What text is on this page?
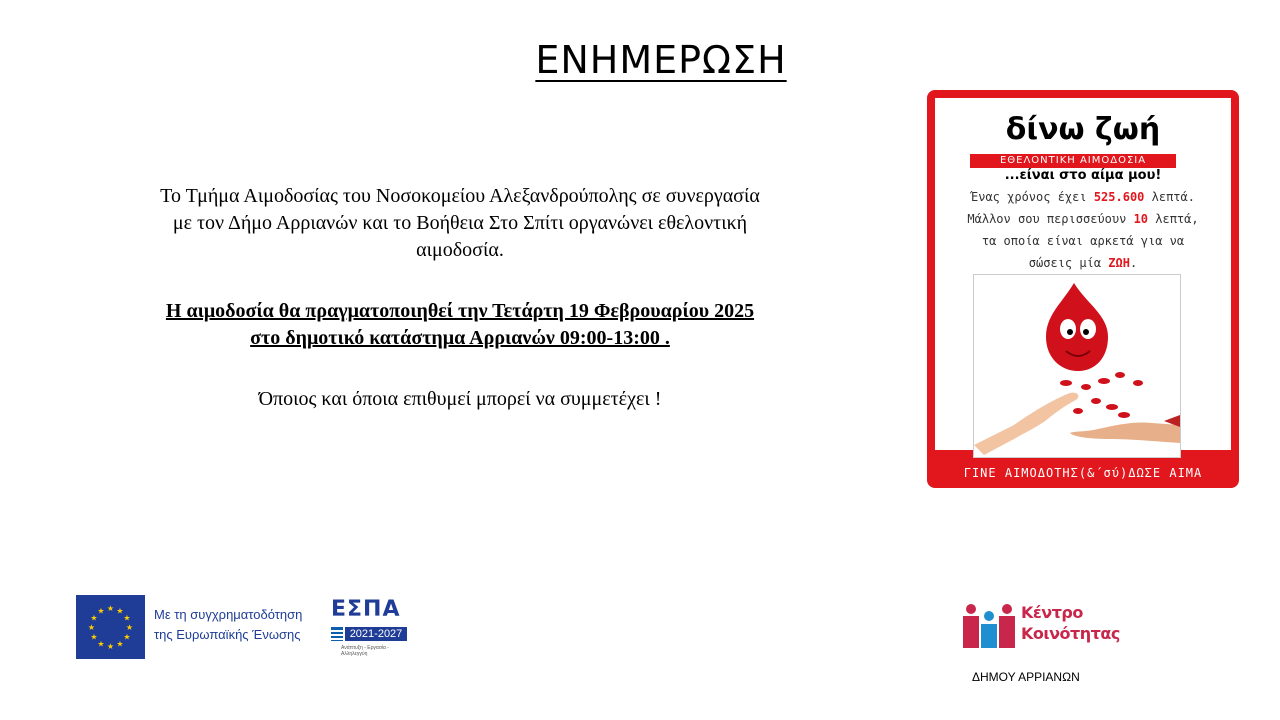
ΕΝΗΜΕΡΩΣΗ
Το Τμήμα Αιμοδοσίας του Νοσοκομείου Αλεξανδρούπολης σε συνεργασία
με τον Δήμο Αρριανών και το Βοήθεια Στο Σπίτι οργανώνει εθελοντική
αιμοδοσία.
Η αιμοδοσία θα πραγματοποιηθεί την Τετάρτη 19 Φεβρουαρίου 2025
στο δημοτικό κατάστημα Αρριανών 09:00-13:00 .
Όποιος και όποια επιθυμεί μπορεί να συμμετέχει !
δίνω ζωή
ΕΘΕΛΟΝΤΙΚΗ ΑΙΜΟΔΟΣΙΑ
...είναι στο αίμα μου!
Ένας χρόνος έχει 525.600 λεπτά.
Μάλλον σου περισσεύουν 10 λεπτά,
τα οποία είναι αρκετά για να
σώσεις μία ΖΩΗ.
ΓΙΝΕ ΑΙΜΟΔΟΤΗΣ(&΄σύ)ΔΩΣΕ ΑΙΜΑ
★ ★
★
★
★
★
★
★
★
★
★
★	Με τη συγχρηματοδότηση
της Ευρωπαϊκής Ένωσης
ΕΣΠΑ
2021-2027
Ανάπτυξη - Εργασία - Αλληλεγγύη
Κέντρο
Κοινότητας
ΔΗΜΟΥ ΑΡΡΙΑΝΩΝ
